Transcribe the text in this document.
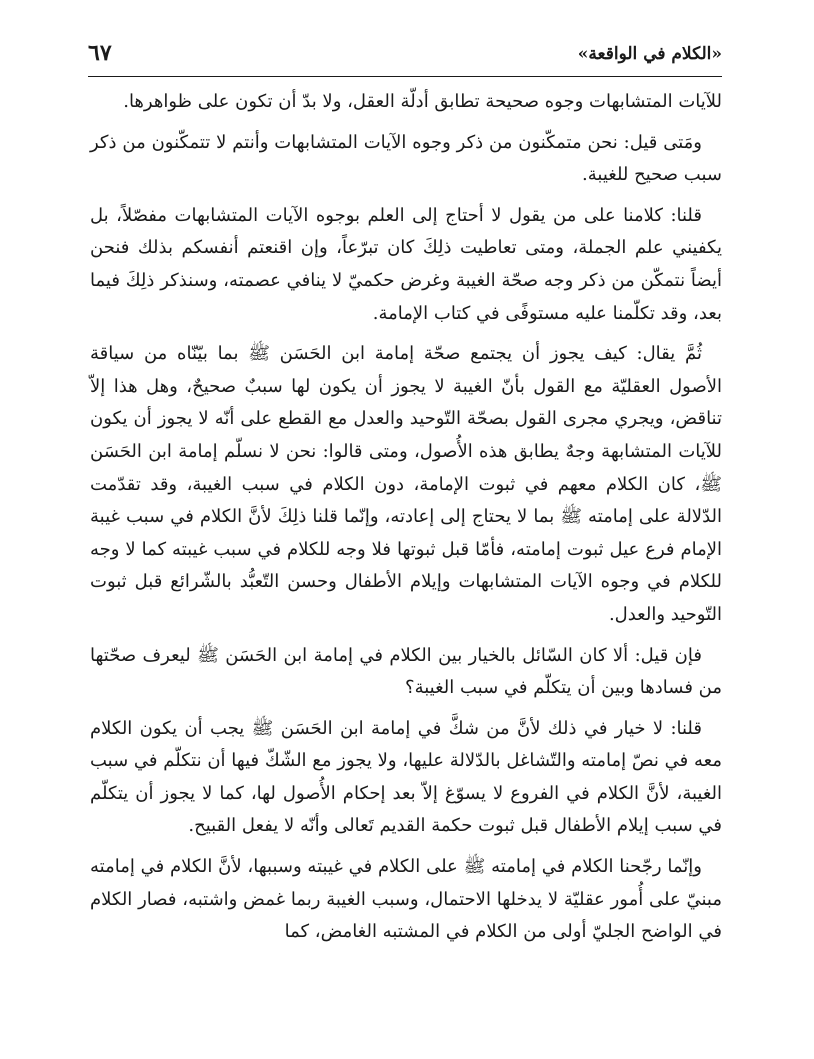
«الكلام في الواقعة»
٦٧

للآيات المتشابهات وجوه صحيحة تطابق أدلّة العقل، ولا بدّ أن تكون على ظواهرها.

ومَتى قيل: نحن متمكّنون من ذكر وجوه الآيات المتشابهات وأنتم لا تتمكّنون من ذكر سبب صحيح للغيبة.

قلنا: كلامنا على من يقول لا أحتاج إلى العلم بوجوه الآيات المتشابهات مفصّلاً، بل يكفيني علم الجملة، ومتى تعاطيت ذلِكَ كان تبرّعاً، وإن اقنعتم أنفسكم بذلك فنحن أيضاً نتمكّن من ذكر وجه صحّة الغيبة وغرض حكميّ لا ينافي عصمته، وسنذكر ذلِكَ فيما بعد، وقد تكلّمنا عليه مستوفًى في كتاب الإمامة.

ثُمَّ يقال: كيف يجوز أن يجتمع صحّة إمامة ابن الحَسَن ﷺ بما بيّنّاه من سياقة الأصول العقليّة مع القول بأنّ الغيبة لا يجوز أن يكون لها سببٌ صحيحٌ، وهل هذا إلاّ تناقض، ويجري مجرى القول بصحّة التّوحيد والعدل مع القطع على أنّه لا يجوز أن يكون للآيات المتشابهة وجهٌ يطابق هذه الأُصول، ومتى قالوا: نحن لا نسلّم إمامة ابن الحَسَن ﷺ، كان الكلام معهم في ثبوت الإمامة، دون الكلام في سبب الغيبة، وقد تقدّمت الدّلالة على إمامته ﷺ بما لا يحتاج إلى إعادته، وإنّما قلنا ذلِكَ لأنَّ الكلام في سبب غيبة الإمام فرع عيل ثبوت إمامته، فأمّا قبل ثبوتها فلا وجه للكلام في سبب غيبته كما لا وجه للكلام في وجوه الآيات المتشابهات وإيلام الأطفال وحسن التّعبُّد بالشّرائع قبل ثبوت التّوحيد والعدل.

فإن قيل: ألا كان السّائل بالخيار بين الكلام في إمامة ابن الحَسَن ﷺ ليعرف صحّتها من فسادها وبين أن يتكلّم في سبب الغيبة؟

قلنا: لا خيار في ذلك لأنَّ من شكَّ في إمامة ابن الحَسَن ﷺ يجب أن يكون الكلام معه في نصّ إمامته والتّشاغل بالدّلالة عليها، ولا يجوز مع الشّكّ فيها أن نتكلّم في سبب الغيبة، لأنَّ الكلام في الفروع لا يسوّغ إلاّ بعد إحكام الأُصول لها، كما لا يجوز أن يتكلّم في سبب إيلام الأطفال قبل ثبوت حكمة القديم تَعالى وأنّه لا يفعل القبيح.

وإنّما رجّحنا الكلام في إمامته ﷺ على الكلام في غيبته وسببها، لأنَّ الكلام في إمامته مبنيّ على أُمور عقليّة لا يدخلها الاحتمال، وسبب الغيبة ربما غمض واشتبه، فصار الكلام في الواضح الجليّ أولى من الكلام في المشتبه الغامض، كما
